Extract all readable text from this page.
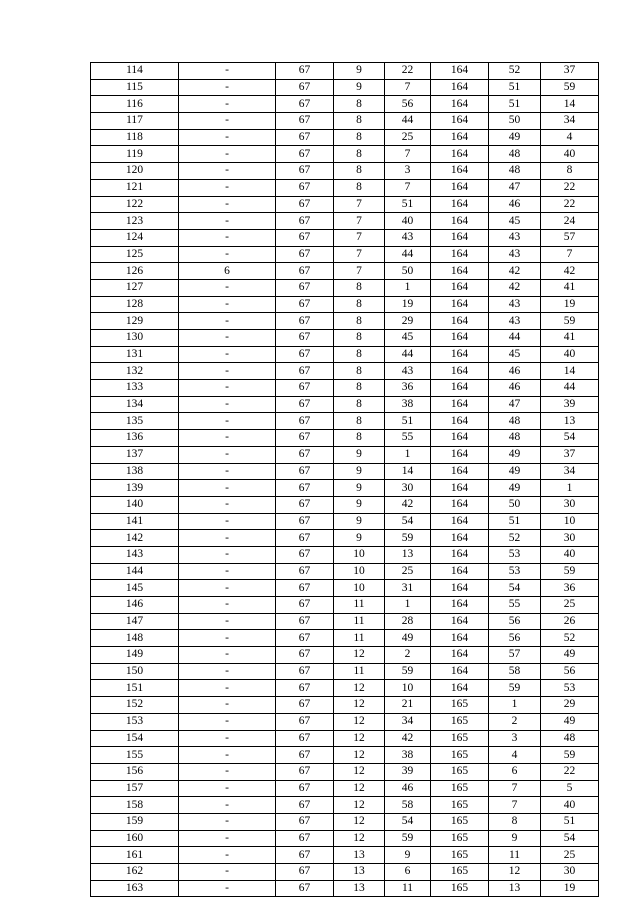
114	-	67	9	22	164	52	37
115	-	67	9	7	164	51	59
116	-	67	8	56	164	51	14
117	-	67	8	44	164	50	34
118	-	67	8	25	164	49	4
119	-	67	8	7	164	48	40
120	-	67	8	3	164	48	8
121	-	67	8	7	164	47	22
122	-	67	7	51	164	46	22
123	-	67	7	40	164	45	24
124	-	67	7	43	164	43	57
125	-	67	7	44	164	43	7
126	6	67	7	50	164	42	42
127	-	67	8	1	164	42	41
128	-	67	8	19	164	43	19
129	-	67	8	29	164	43	59
130	-	67	8	45	164	44	41
131	-	67	8	44	164	45	40
132	-	67	8	43	164	46	14
133	-	67	8	36	164	46	44
134	-	67	8	38	164	47	39
135	-	67	8	51	164	48	13
136	-	67	8	55	164	48	54
137	-	67	9	1	164	49	37
138	-	67	9	14	164	49	34
139	-	67	9	30	164	49	1
140	-	67	9	42	164	50	30
141	-	67	9	54	164	51	10
142	-	67	9	59	164	52	30
143	-	67	10	13	164	53	40
144	-	67	10	25	164	53	59
145	-	67	10	31	164	54	36
146	-	67	11	1	164	55	25
147	-	67	11	28	164	56	26
148	-	67	11	49	164	56	52
149	-	67	12	2	164	57	49
150	-	67	11	59	164	58	56
151	-	67	12	10	164	59	53
152	-	67	12	21	165	1	29
153	-	67	12	34	165	2	49
154	-	67	12	42	165	3	48
155	-	67	12	38	165	4	59
156	-	67	12	39	165	6	22
157	-	67	12	46	165	7	5
158	-	67	12	58	165	7	40
159	-	67	12	54	165	8	51
160	-	67	12	59	165	9	54
161	-	67	13	9	165	11	25
162	-	67	13	6	165	12	30
163	-	67	13	11	165	13	19
